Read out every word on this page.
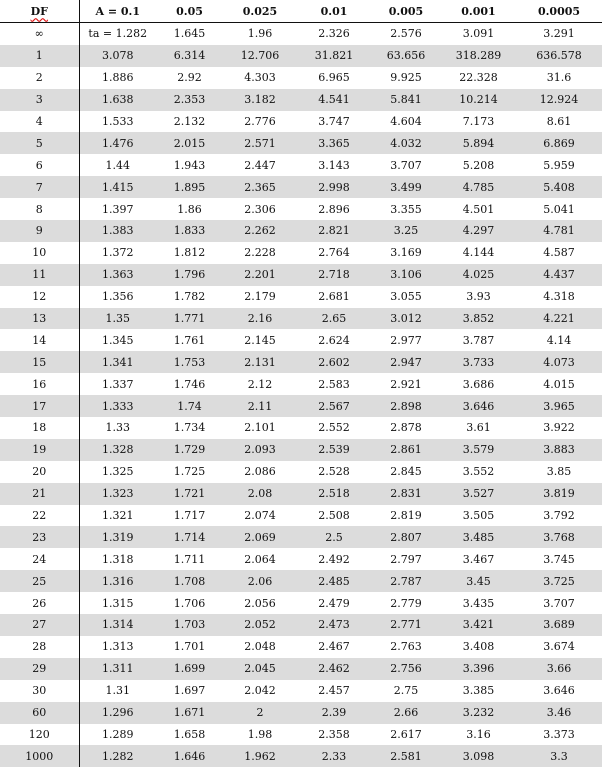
DF	A = 0.1	0.05	0.025	0.01	0.005	0.001	0.0005
∞	ta = 1.282	1.645	1.96	2.326	2.576	3.091	3.291
1	3.078	6.314	12.706	31.821	63.656	318.289	636.578
2	1.886	2.92	4.303	6.965	9.925	22.328	31.6
3	1.638	2.353	3.182	4.541	5.841	10.214	12.924
4	1.533	2.132	2.776	3.747	4.604	7.173	8.61
5	1.476	2.015	2.571	3.365	4.032	5.894	6.869
6	1.44	1.943	2.447	3.143	3.707	5.208	5.959
7	1.415	1.895	2.365	2.998	3.499	4.785	5.408
8	1.397	1.86	2.306	2.896	3.355	4.501	5.041
9	1.383	1.833	2.262	2.821	3.25	4.297	4.781
10	1.372	1.812	2.228	2.764	3.169	4.144	4.587
11	1.363	1.796	2.201	2.718	3.106	4.025	4.437
12	1.356	1.782	2.179	2.681	3.055	3.93	4.318
13	1.35	1.771	2.16	2.65	3.012	3.852	4.221
14	1.345	1.761	2.145	2.624	2.977	3.787	4.14
15	1.341	1.753	2.131	2.602	2.947	3.733	4.073
16	1.337	1.746	2.12	2.583	2.921	3.686	4.015
17	1.333	1.74	2.11	2.567	2.898	3.646	3.965
18	1.33	1.734	2.101	2.552	2.878	3.61	3.922
19	1.328	1.729	2.093	2.539	2.861	3.579	3.883
20	1.325	1.725	2.086	2.528	2.845	3.552	3.85
21	1.323	1.721	2.08	2.518	2.831	3.527	3.819
22	1.321	1.717	2.074	2.508	2.819	3.505	3.792
23	1.319	1.714	2.069	2.5	2.807	3.485	3.768
24	1.318	1.711	2.064	2.492	2.797	3.467	3.745
25	1.316	1.708	2.06	2.485	2.787	3.45	3.725
26	1.315	1.706	2.056	2.479	2.779	3.435	3.707
27	1.314	1.703	2.052	2.473	2.771	3.421	3.689
28	1.313	1.701	2.048	2.467	2.763	3.408	3.674
29	1.311	1.699	2.045	2.462	2.756	3.396	3.66
30	1.31	1.697	2.042	2.457	2.75	3.385	3.646
60	1.296	1.671	2	2.39	2.66	3.232	3.46
120	1.289	1.658	1.98	2.358	2.617	3.16	3.373
1000	1.282	1.646	1.962	2.33	2.581	3.098	3.3
